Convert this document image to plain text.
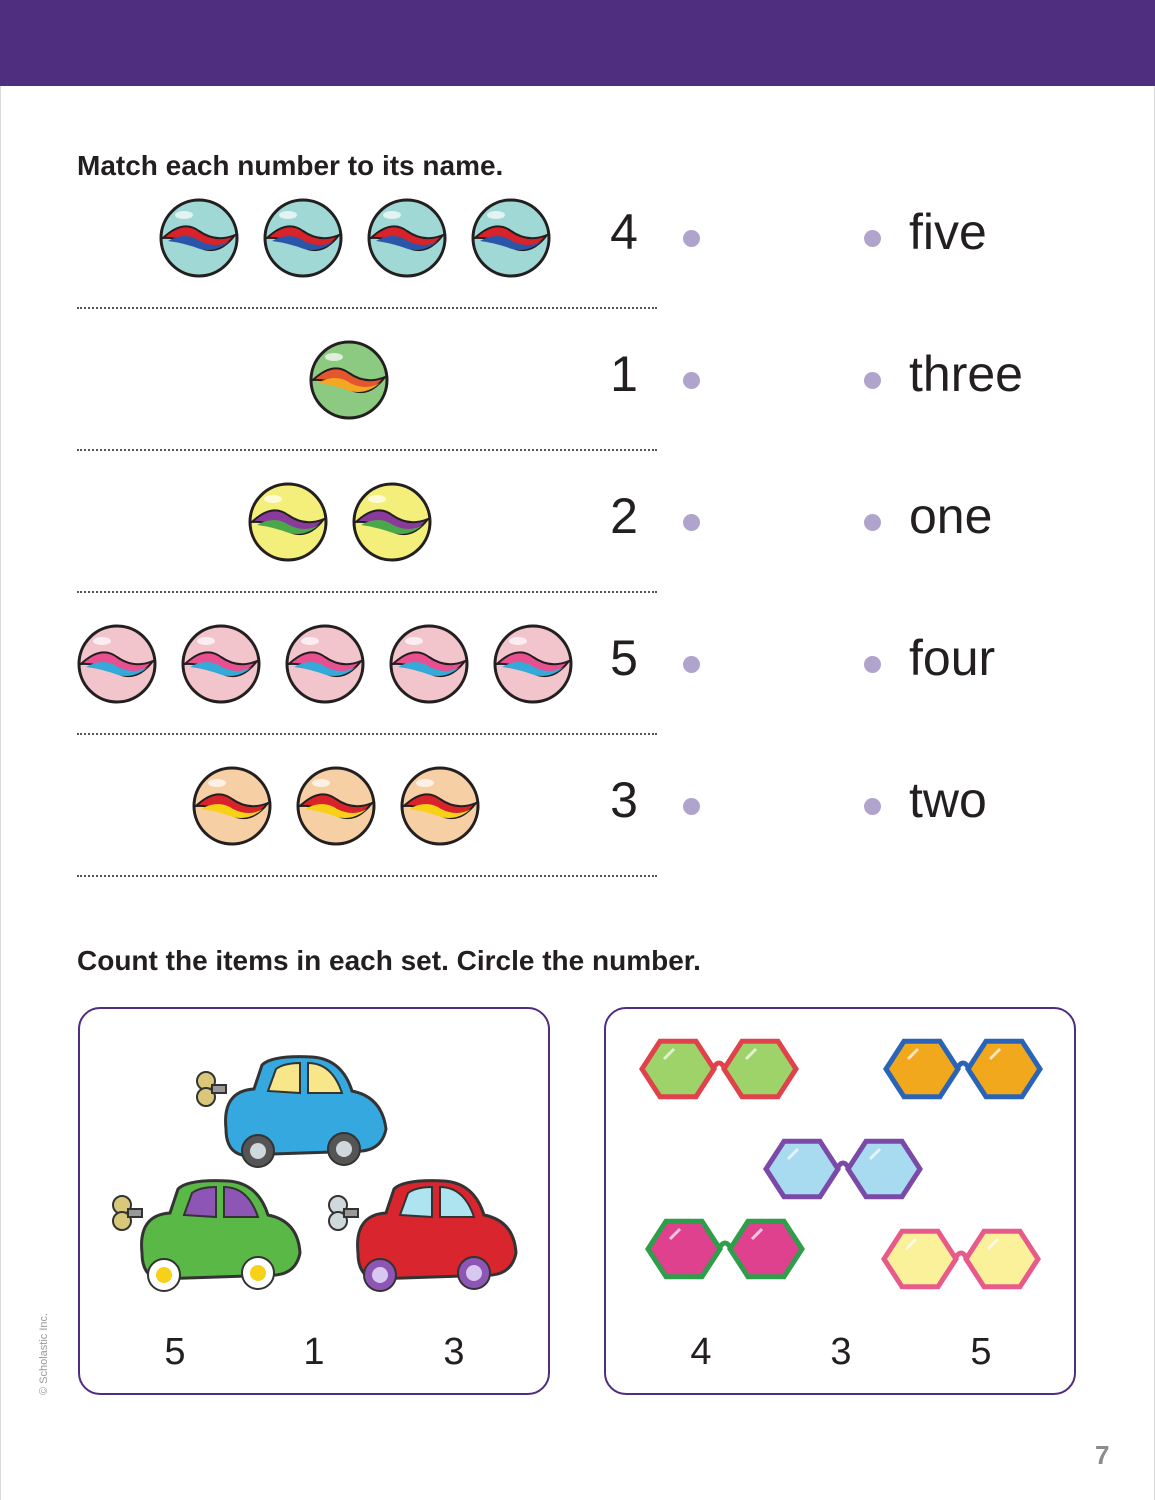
Match each number to its name.
4	five
1	three
2	one
5	four
3	two
Count the items in each set. Circle the number.
5	1	3	4	3	5
© Scholastic Inc.
7
